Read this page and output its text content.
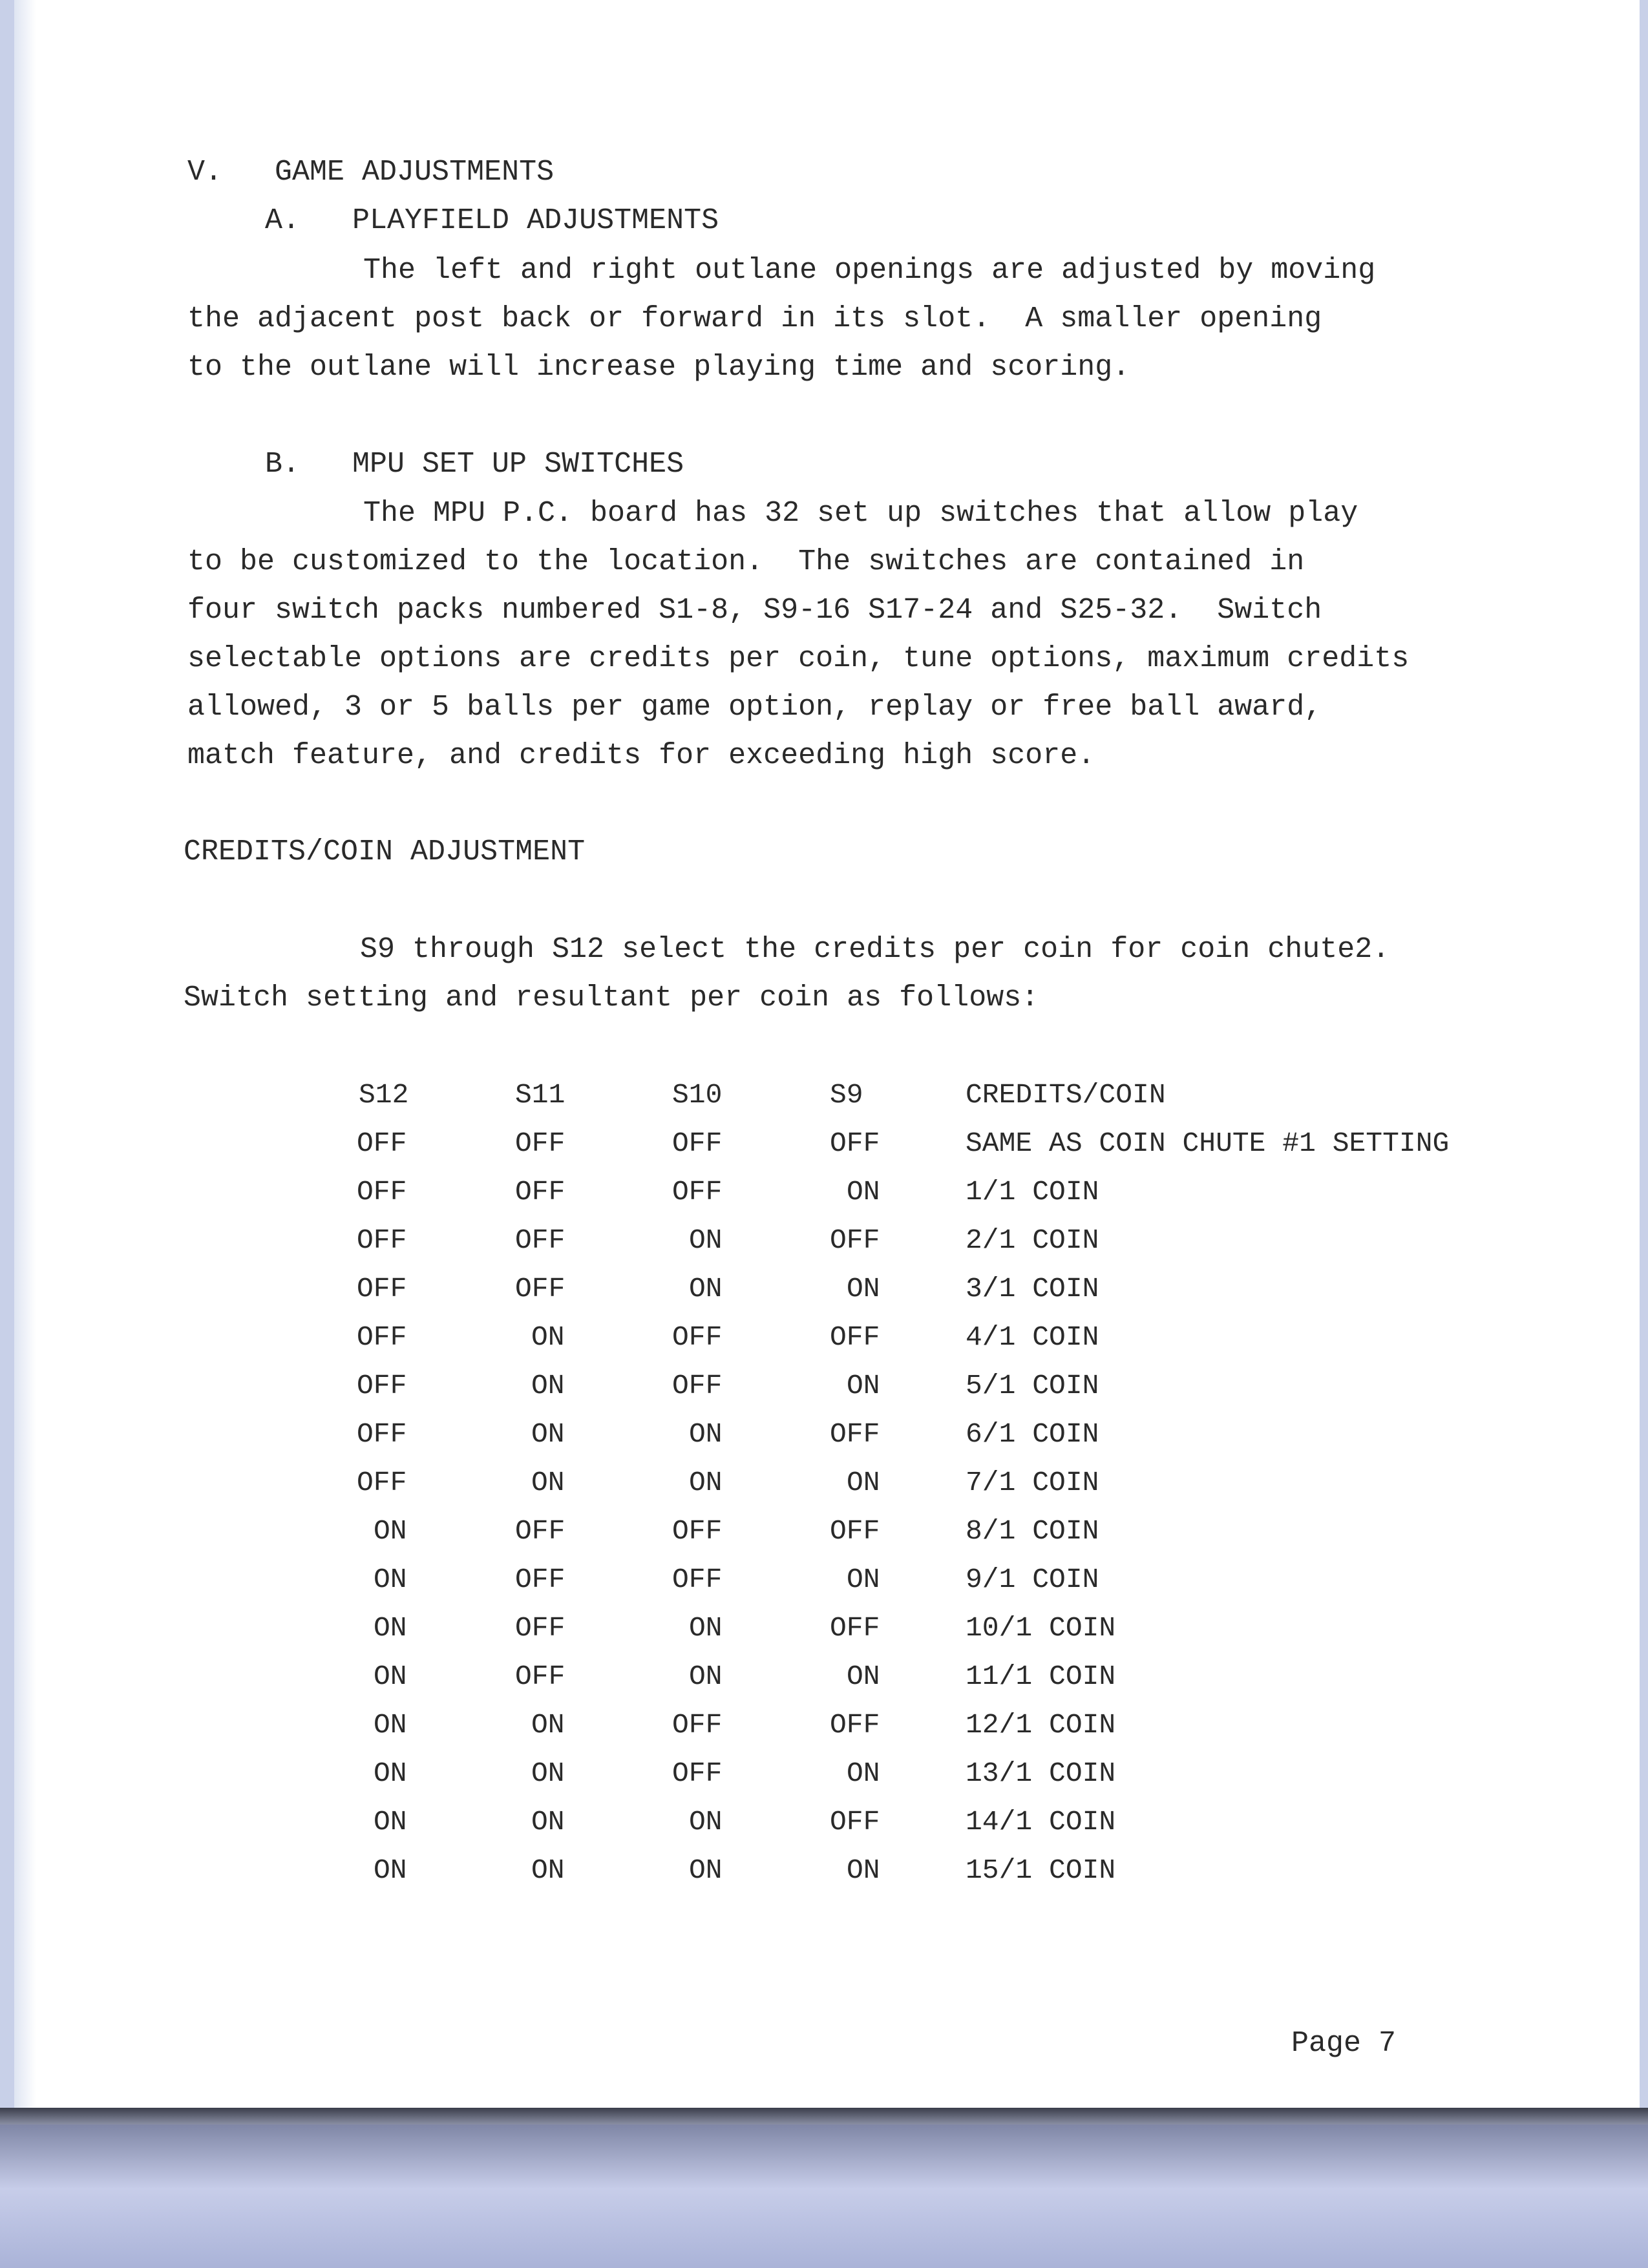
V.   GAME ADJUSTMENTS
A.   PLAYFIELD ADJUSTMENTS
The left and right outlane openings are adjusted by moving
the adjacent post back or forward in its slot.  A smaller opening
to the outlane will increase playing time and scoring.
B.   MPU SET UP SWITCHES
The MPU P.C. board has 32 set up switches that allow play
to be customized to the location.  The switches are contained in
four switch packs numbered S1-8, S9-16 S17-24 and S25-32.  Switch
selectable options are credits per coin, tune options, maximum credits
allowed, 3 or 5 balls per game option, replay or free ball award,
match feature, and credits for exceeding high score.
CREDITS/COIN ADJUSTMENT
S9 through S12 select the credits per coin for coin chute2.
Switch setting and resultant per coin as follows:
S12	S11	S10	S9	CREDITS/COIN
OFF	OFF	OFF	OFF	SAME AS COIN CHUTE #1 SETTING
OFF	OFF	OFF	ON	1/1 COIN
OFF	OFF	ON	OFF	2/1 COIN
OFF	OFF	ON	ON	3/1 COIN
OFF	ON	OFF	OFF	4/1 COIN
OFF	ON	OFF	ON	5/1 COIN
OFF	ON	ON	OFF	6/1 COIN
OFF	ON	ON	ON	7/1 COIN
ON	OFF	OFF	OFF	8/1 COIN
ON	OFF	OFF	ON	9/1 COIN
ON	OFF	ON	OFF	10/1 COIN
ON	OFF	ON	ON	11/1 COIN
ON	ON	OFF	OFF	12/1 COIN
ON	ON	OFF	ON	13/1 COIN
ON	ON	ON	OFF	14/1 COIN
ON	ON	ON	ON	15/1 COIN
Page 7
